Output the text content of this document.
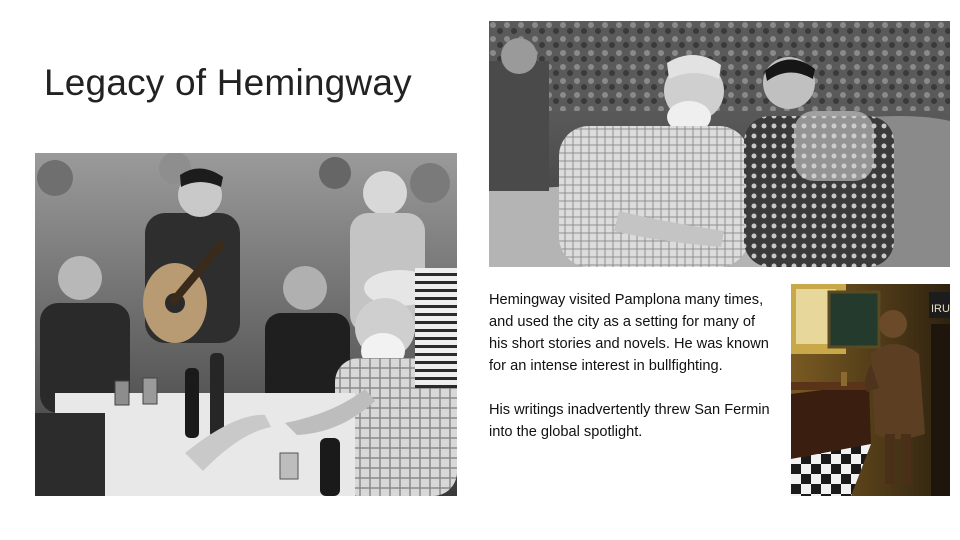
Legacy of Hemingway

Hemingway visited Pamplona many times, and used the city as a setting for many of his short stories and novels. He was known for an intense interest in bullfighting.

His writings inadvertently threw San Fermin into the global spotlight.

IRU
